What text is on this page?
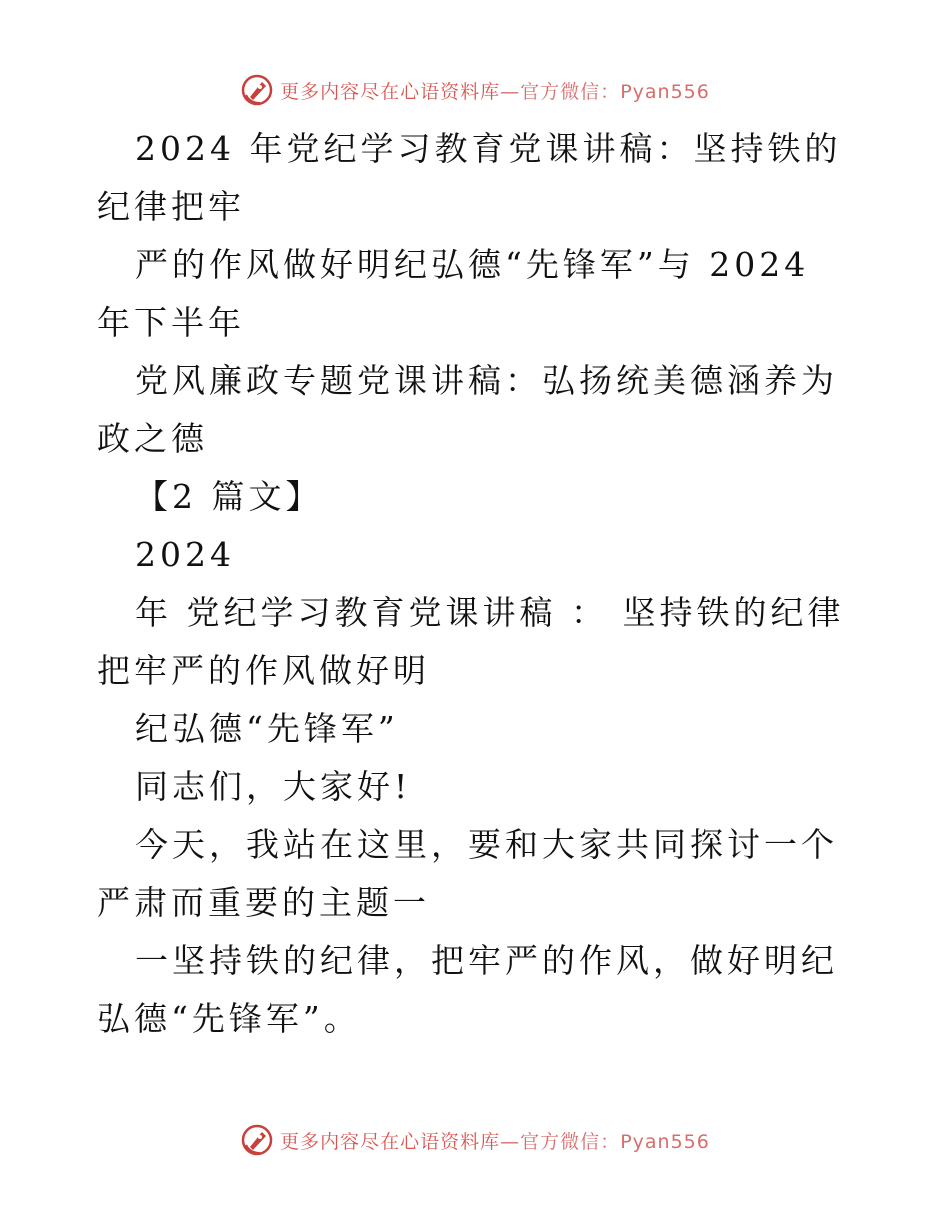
更多内容尽在心语资料库—官方微信：Pyan556

2024 年党纪学习教育党课讲稿：坚持铁的纪律把牢

严的作风做好明纪弘德“先锋军”与 2024 年下半年

党风廉政专题党课讲稿：弘扬统美德涵养为政之德

【2 篇文】

2024

年 党纪学习教育党课讲稿 ： 坚持铁的纪律把牢严的作风做好明

纪弘德“先锋军”

同志们，大家好!

今天，我站在这里，要和大家共同探讨一个严肃而重要的主题一

一坚持铁的纪律，把牢严的作风，做好明纪弘德“先锋军”。

更多内容尽在心语资料库—官方微信：Pyan556
